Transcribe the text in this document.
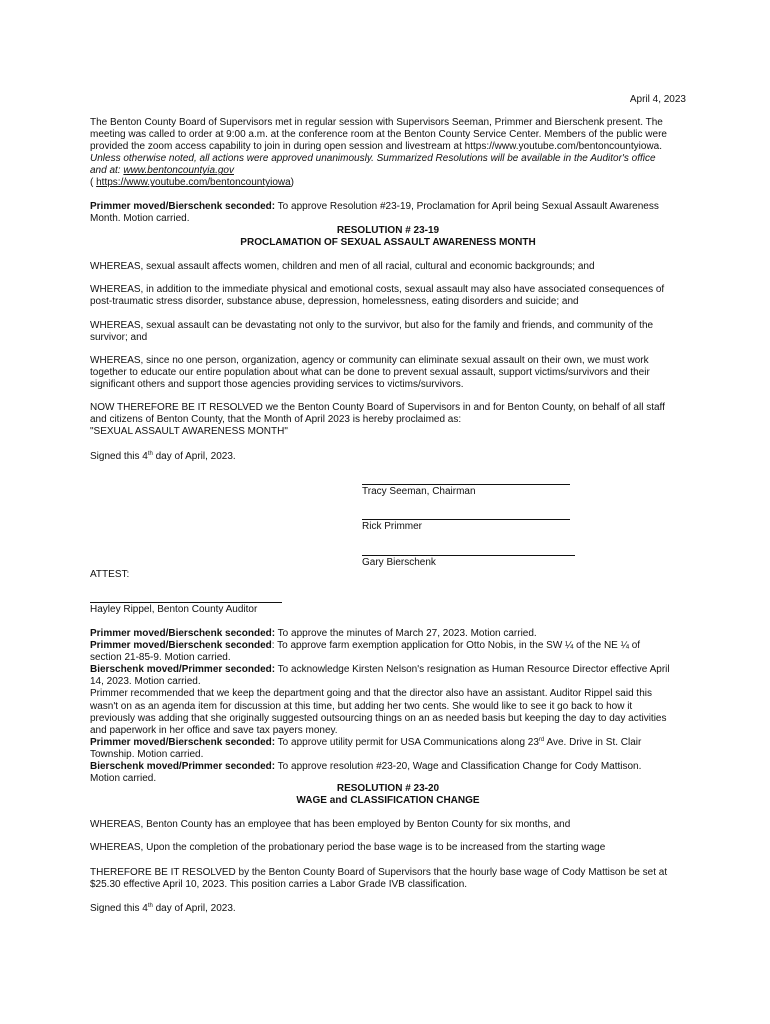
April 4, 2023

The Benton County Board of Supervisors met in regular session with Supervisors Seeman, Primmer and Bierschenk present. The

meeting was called to order at 9:00 a.m. at the conference room at the Benton County Service Center. Members of the public were

provided the zoom access capability to join in during open session and livestream at https://www.youtube.com/bentoncountyiowa.

Unless otherwise noted, all actions were approved unanimously. Summarized Resolutions will be available in the Auditor's office

and at: www.bentoncountyia.gov

( https://www.youtube.com/bentoncountyiowa)

Primmer moved/Bierschenk seconded: To approve Resolution #23-19, Proclamation for April being Sexual Assault Awareness

Month. Motion carried.

RESOLUTION # 23-19

PROCLAMATION OF SEXUAL ASSAULT AWARENESS MONTH

WHEREAS, sexual assault affects women, children and men of all racial, cultural and economic backgrounds; and

WHEREAS, in addition to the immediate physical and emotional costs, sexual assault may also have associated consequences of

post-traumatic stress disorder, substance abuse, depression, homelessness, eating disorders and suicide; and

WHEREAS, sexual assault can be devastating not only to the survivor, but also for the family and friends, and community of the

survivor; and

WHEREAS, since no one person, organization, agency or community can eliminate sexual assault on their own, we must work

together to educate our entire population about what can be done to prevent sexual assault, support victims/survivors and their

significant others and support those agencies providing services to victims/survivors.

NOW THEREFORE BE IT RESOLVED we the Benton County Board of Supervisors in and for Benton County, on behalf of all staff

and citizens of Benton County, that the Month of April 2023 is hereby proclaimed as:

"SEXUAL ASSAULT AWARENESS MONTH"

Signed this 4th day of April, 2023.

Tracy Seeman, Chairman
Rick Primmer
Gary Bierschenk
ATTEST:
Hayley Rippel, Benton County Auditor

Primmer moved/Bierschenk seconded: To approve the minutes of March 27, 2023. Motion carried.

Primmer moved/Bierschenk seconded: To approve farm exemption application for Otto Nobis, in the SW ¼ of the NE ¼ of

section 21-85-9. Motion carried.

Bierschenk moved/Primmer seconded: To acknowledge Kirsten Nelson's resignation as Human Resource Director effective April

14, 2023. Motion carried.

Primmer recommended that we keep the department going and that the director also have an assistant. Auditor Rippel said this

wasn't on as an agenda item for discussion at this time, but adding her two cents. She would like to see it go back to how it

previously was adding that she originally suggested outsourcing things on an as needed basis but keeping the day to day activities

and paperwork in her office and save tax payers money.

Primmer moved/Bierschenk seconded: To approve utility permit for USA Communications along 23rd Ave. Drive in St. Clair

Township. Motion carried.

Bierschenk moved/Primmer seconded: To approve resolution #23-20, Wage and Classification Change for Cody Mattison.

Motion carried.

RESOLUTION # 23-20

WAGE and CLASSIFICATION CHANGE

WHEREAS, Benton County has an employee that has been employed by Benton County for six months, and

WHEREAS, Upon the completion of the probationary period the base wage is to be increased from the starting wage

THEREFORE BE IT RESOLVED by the Benton County Board of Supervisors that the hourly base wage of Cody Mattison be set at

$25.30 effective April 10, 2023. This position carries a Labor Grade IVB classification.

Signed this 4th day of April, 2023.
